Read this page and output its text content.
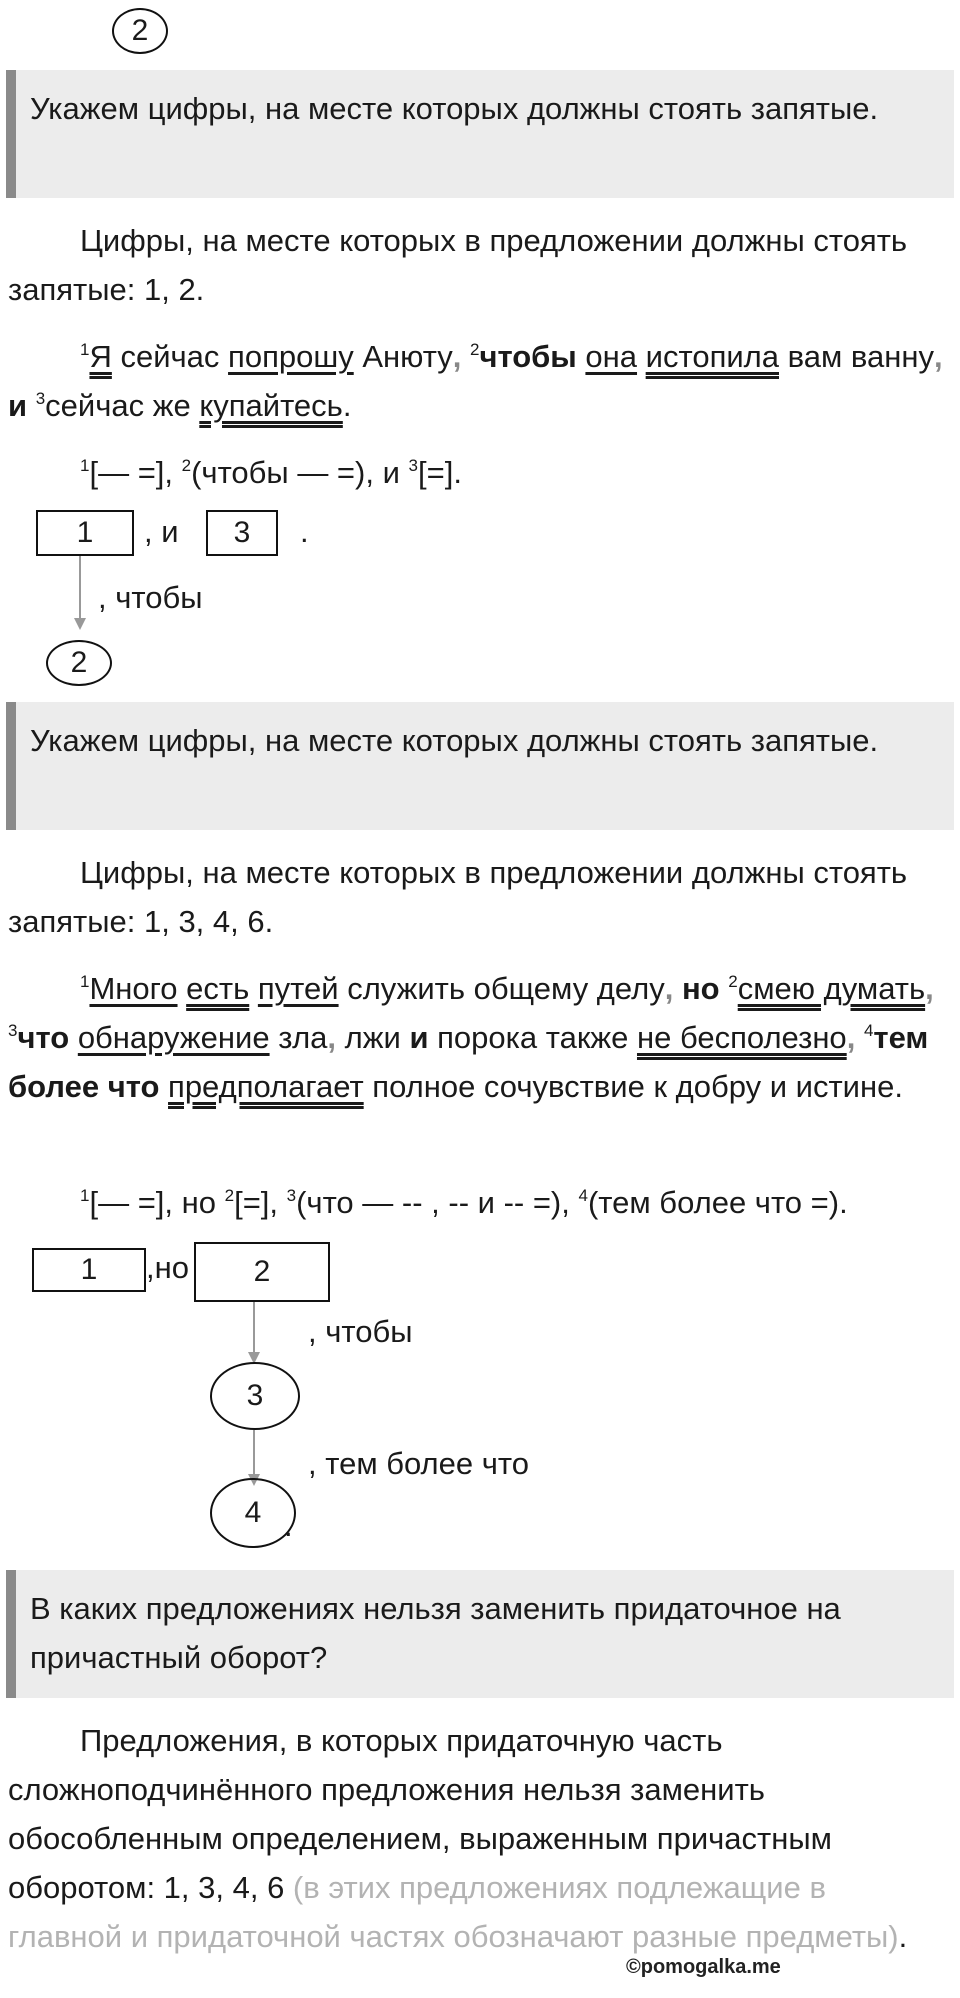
2
Укажем цифры, на месте которых должны стоять запятые.
Цифры, на месте которых в предложении должны стоять запятые: 1, 2.
$^1$Я сейчас попрошу Анюту, $^2$чтобы она истопила вам ванну, и $^3$сейчас же купайтесь.
$^1$[— =], $^2$(чтобы — =), и $^3$[=].
1 , и 3 .
, чтобы
2
Укажем цифры, на месте которых должны стоять запятые.
Цифры, на месте которых в предложении должны стоять запятые: 1, 3, 4, 6.
$^1$Много есть путей служить общему делу, но $^2$смею думать, $^3$что обнаружение зла, лжи и порока также не бесполезно, $^4$тем более что предполагает полное сочувствие к добру и истине.
$^1$[— =], но $^2$[=], $^3$(что — -- , -- и -- =), $^4$(тем более что =).
1 ,но 2
, чтобы
3
, тем более что
4 .
В каких предложениях нельзя заменить придаточное на причастный оборот?
Предложения, в которых придаточную часть сложноподчинённого предложения нельзя заменить обособленным определением, выраженным причастным оборотом: 1, 3, 4, 6 (в этих предложениях подлежащие в главной и придаточной частях обозначают разные предметы).
©pomogalka.me
